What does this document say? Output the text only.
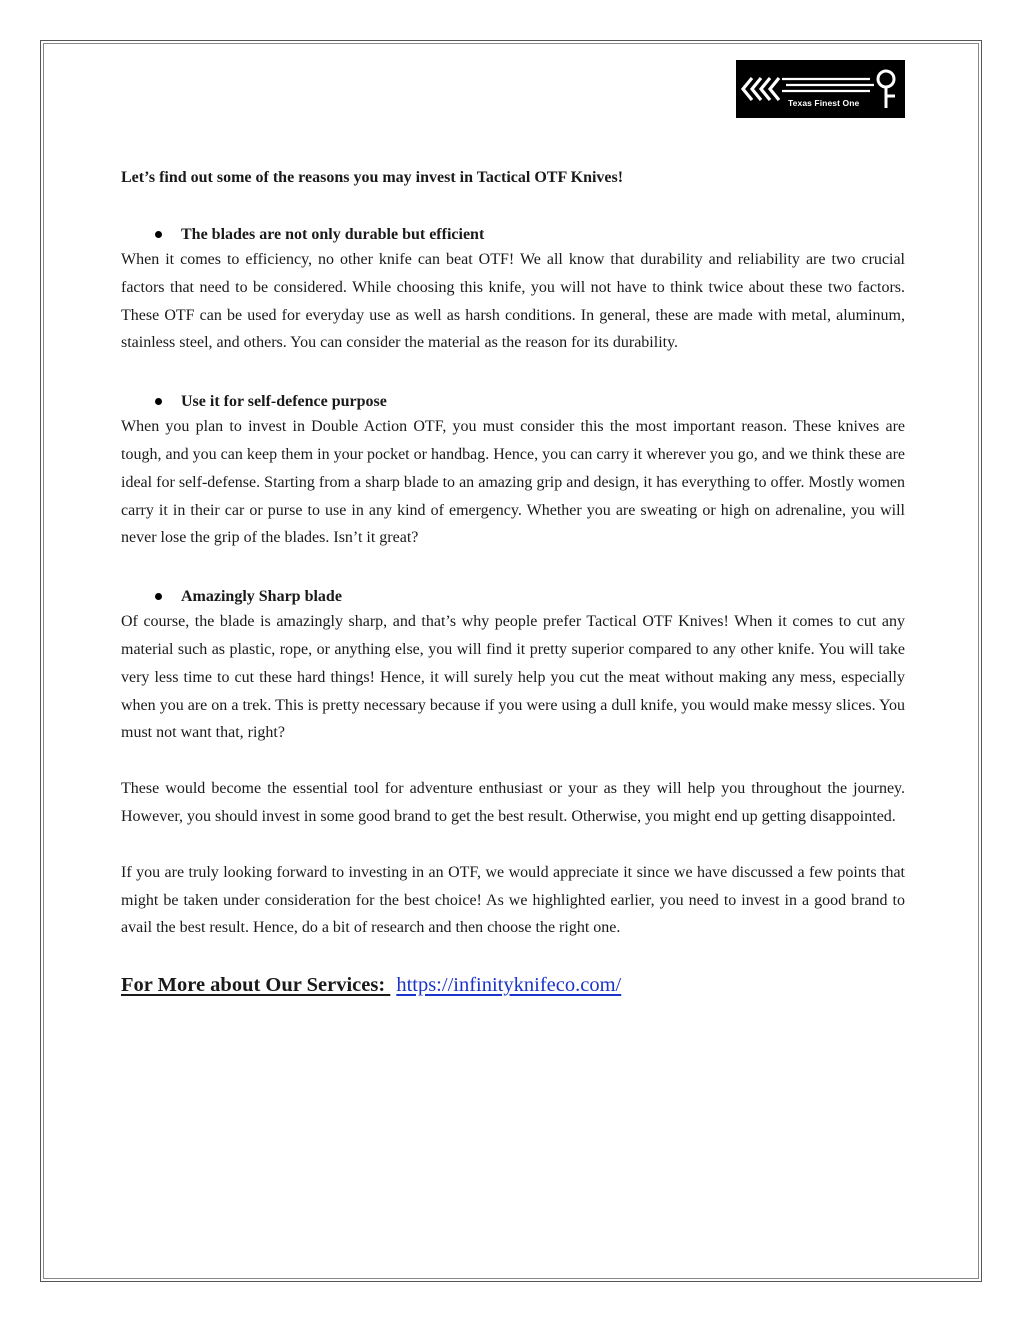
Texas Finest One

Let’s find out some of the reasons you may invest in Tactical OTF Knives!

The blades are not only durable but efficient

When it comes to efficiency, no other knife can beat OTF! We all know that durability and reliability are two crucial factors that need to be considered. While choosing this knife, you will not have to think twice about these two factors. These OTF can be used for everyday use as well as harsh conditions. In general, these are made with metal, aluminum, stainless steel, and others. You can consider the material as the reason for its durability.

Use it for self-defence purpose

When you plan to invest in Double Action OTF, you must consider this the most important reason. These knives are tough, and you can keep them in your pocket or handbag. Hence, you can carry it wherever you go, and we think these are ideal for self-defense. Starting from a sharp blade to an amazing grip and design, it has everything to offer. Mostly women carry it in their car or purse to use in any kind of emergency. Whether you are sweating or high on adrenaline, you will never lose the grip of the blades. Isn’t it great?

Amazingly Sharp blade

Of course, the blade is amazingly sharp, and that’s why people prefer Tactical OTF Knives! When it comes to cut any material such as plastic, rope, or anything else, you will find it pretty superior compared to any other knife. You will take very less time to cut these hard things! Hence, it will surely help you cut the meat without making any mess, especially when you are on a trek. This is pretty necessary because if you were using a dull knife, you would make messy slices. You must not want that, right?

These would become the essential tool for adventure enthusiast or your as they will help you throughout the journey. However, you should invest in some good brand to get the best result. Otherwise, you might end up getting disappointed.

If you are truly looking forward to investing in an OTF, we would appreciate it since we have discussed a few points that might be taken under consideration for the best choice! As we highlighted earlier, you need to invest in a good brand to avail the best result. Hence, do a bit of research and then choose the right one.

For More about Our Services: https://infinityknifeco.com/
